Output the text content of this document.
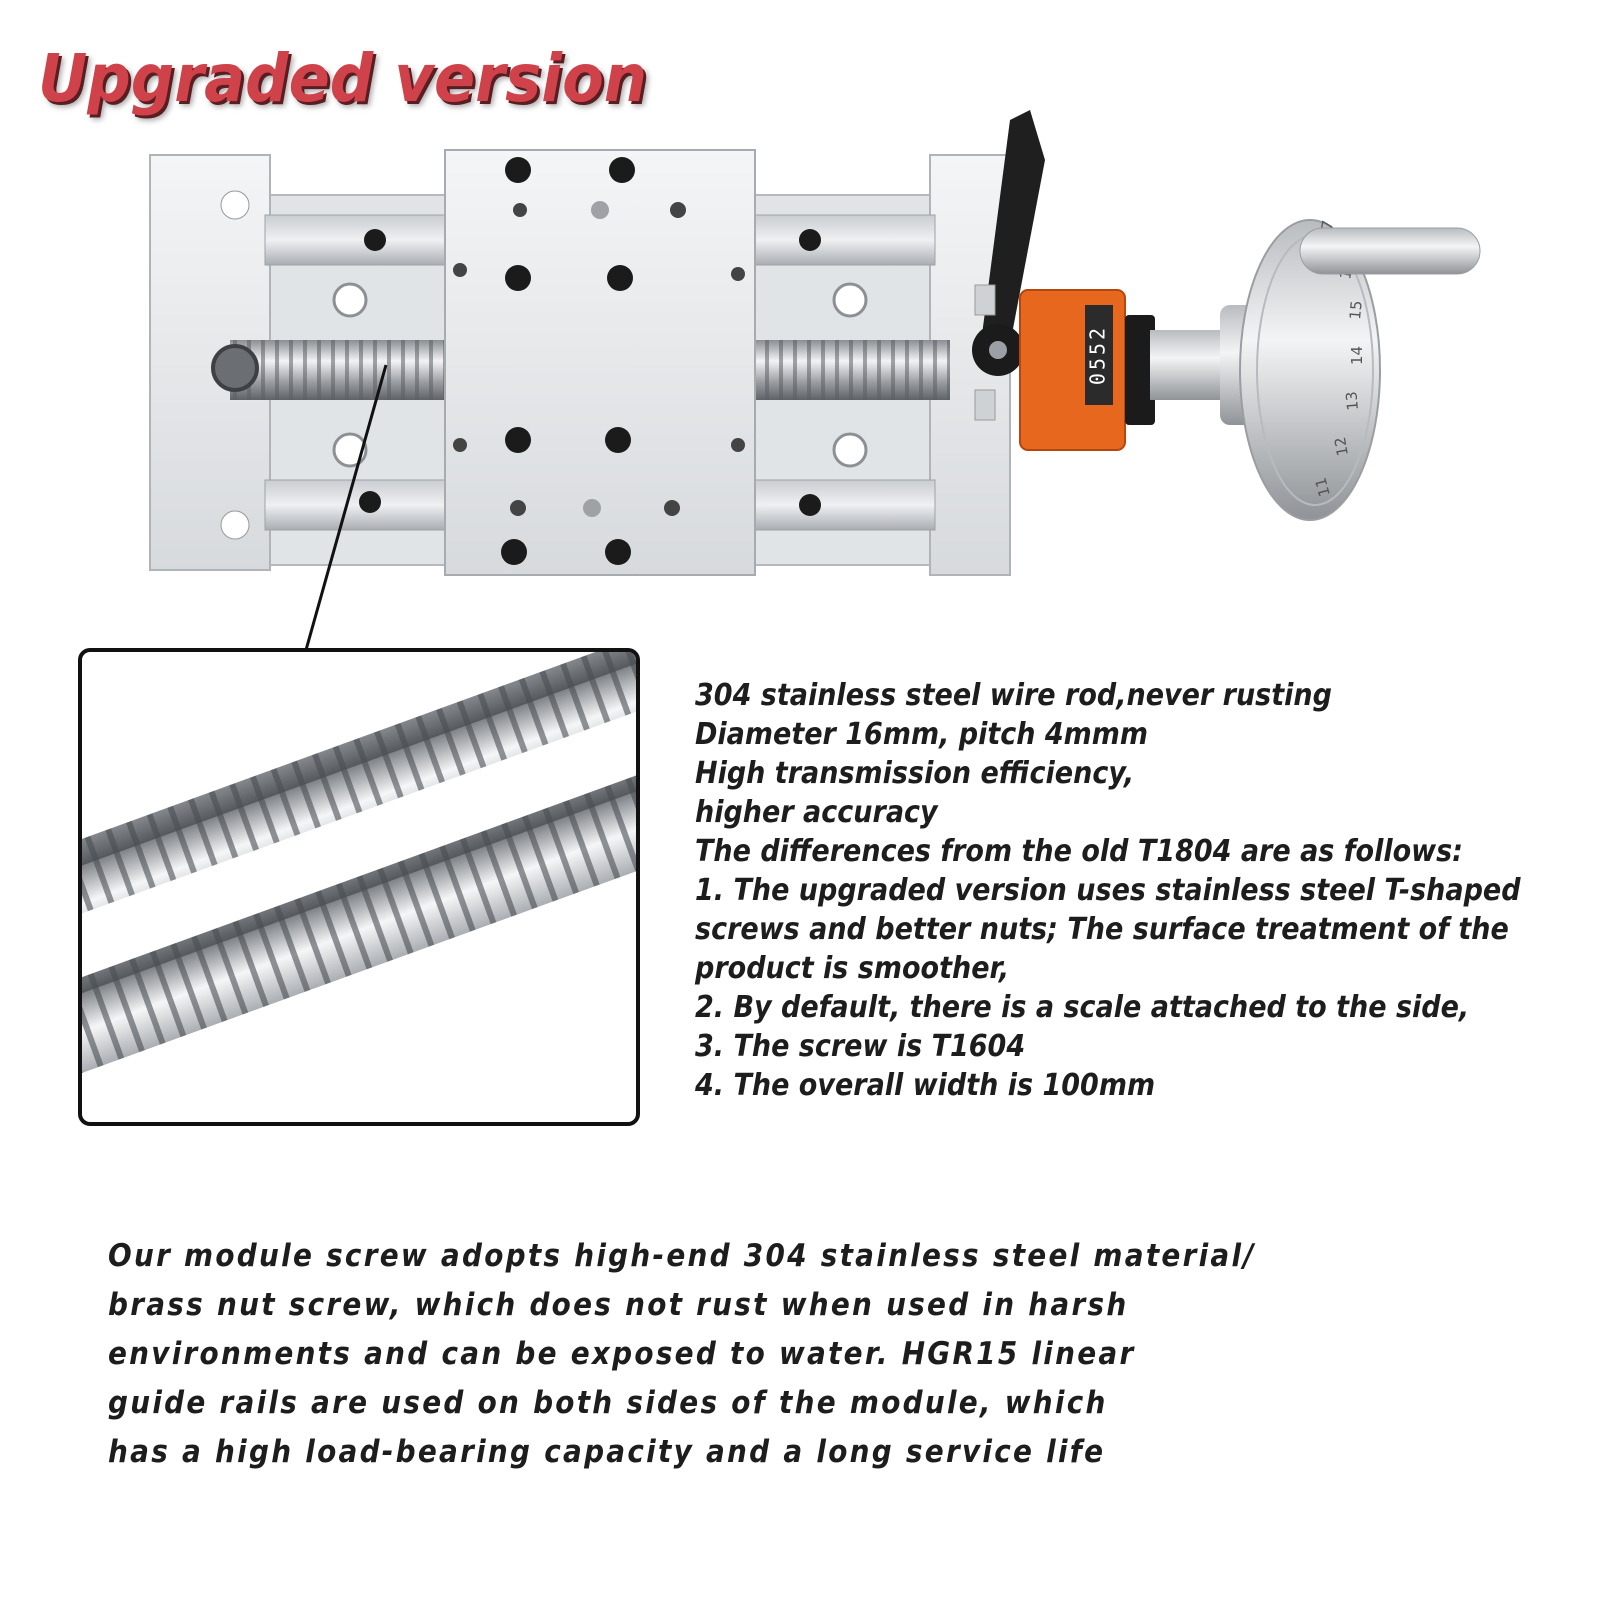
Upgraded version
0552
15
14
13
12
11
304 stainless steel wire rod,never rusting
Diameter 16mm, pitch 4mmm
High transmission efficiency,
higher accuracy
The differences from the old T1804 are as follows:
1. The upgraded version uses stainless steel T-shaped
screws and better nuts; The surface treatment of the
product is smoother,
2. By default, there is a scale attached to the side,
3. The screw is T1604
4. The overall width is 100mm
Our module screw adopts high-end 304 stainless steel material/
brass nut screw, which does not rust when used in harsh
environments and can be exposed to water. HGR15 linear
guide rails are used on both sides of the module, which
has a high load-bearing capacity and a long service life
